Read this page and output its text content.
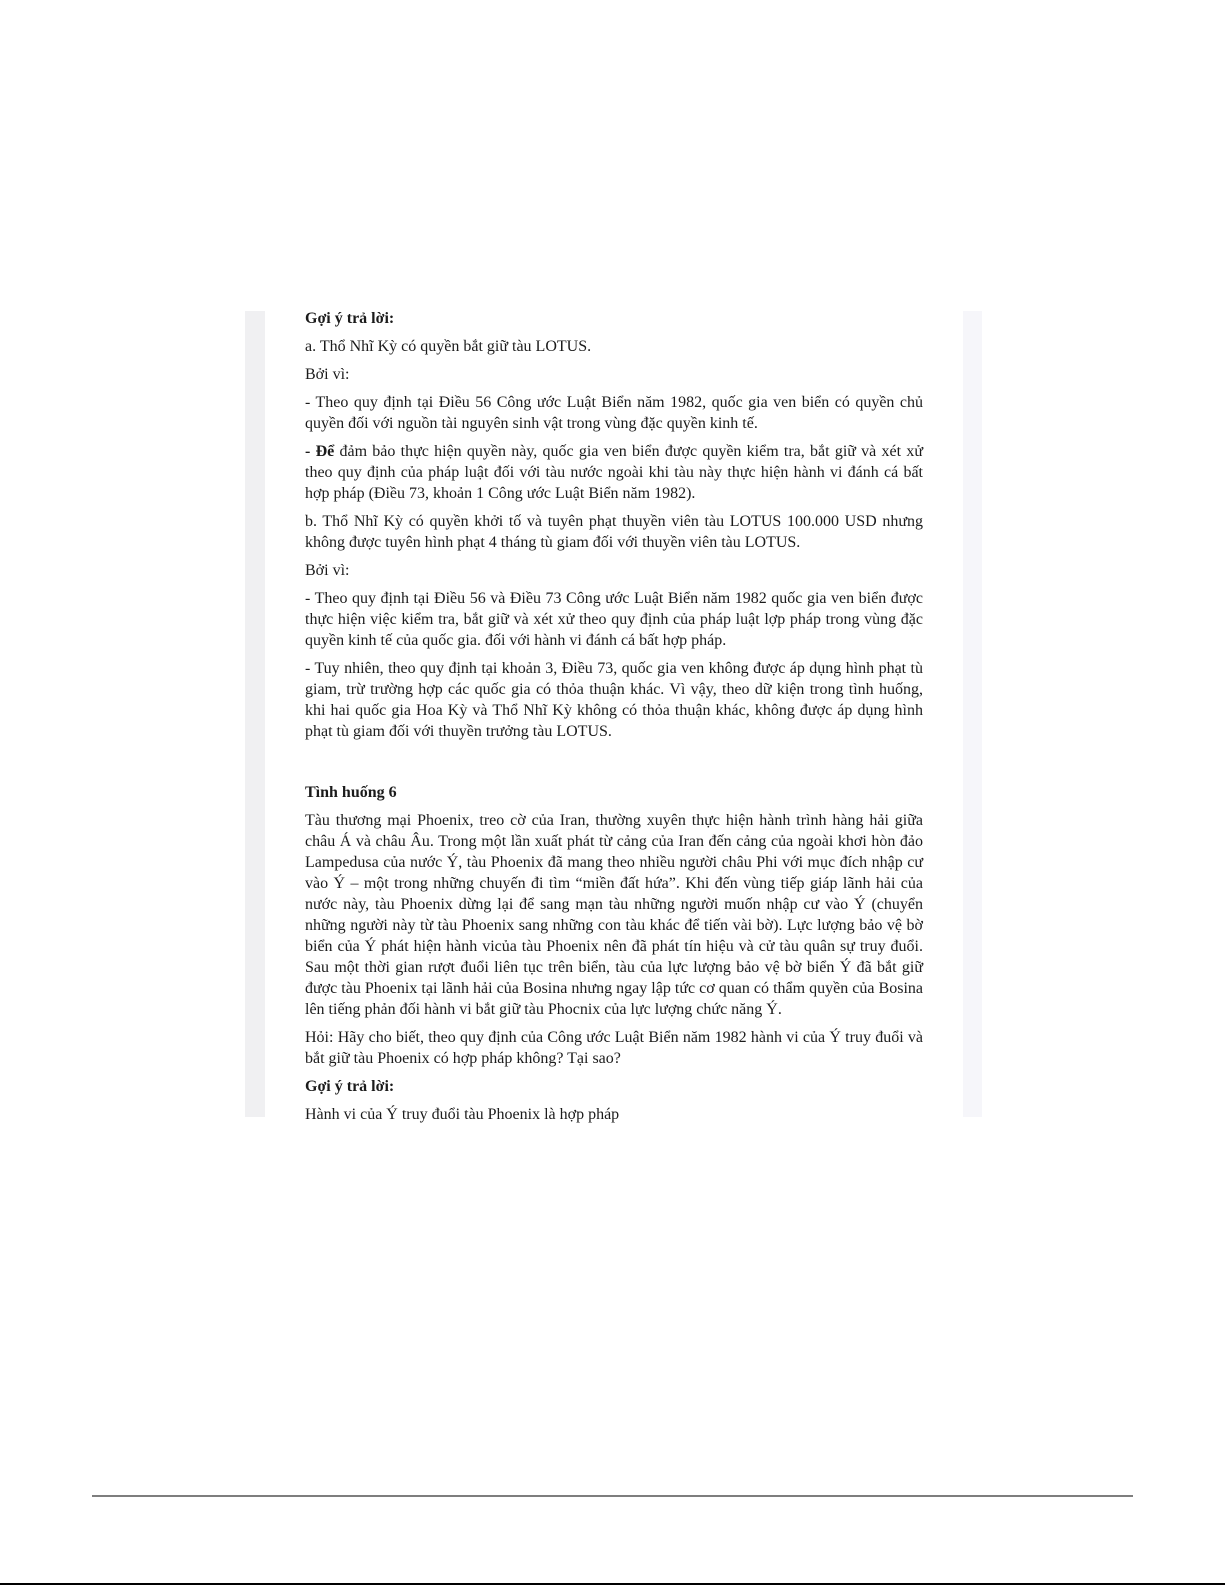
Gợi ý trả lời:

a. Thổ Nhĩ Kỳ có quyền bắt giữ tàu LOTUS.

Bởi vì:

- Theo quy định tại Điều 56 Công ước Luật Biển năm 1982, quốc gia ven biển có quyền chủ quyền đối với nguồn tài nguyên sinh vật trong vùng đặc quyền kinh tế.

- Để đảm bảo thực hiện quyền này, quốc gia ven biển được quyền kiểm tra, bắt giữ và xét xử theo quy định của pháp luật đối với tàu nước ngoài khi tàu này thực hiện hành vi đánh cá bất hợp pháp (Điều 73, khoản 1 Công ước Luật Biển năm 1982).

b. Thổ Nhĩ Kỳ có quyền khởi tố và tuyên phạt thuyền viên tàu LOTUS 100.000 USD nhưng không được tuyên hình phạt 4 tháng tù giam đối với thuyền viên tàu LOTUS.

Bởi vì:

- Theo quy định tại Điều 56 và Điều 73 Công ước Luật Biển năm 1982 quốc gia ven biển được thực hiện việc kiểm tra, bắt giữ và xét xử theo quy định của pháp luật lợp pháp trong vùng đặc quyền kinh tế của quốc gia. đối với hành vi đánh cá bất hợp pháp.

- Tuy nhiên, theo quy định tại khoản 3, Điều 73, quốc gia ven không được áp dụng hình phạt tù giam, trừ trường hợp các quốc gia có thỏa thuận khác. Vì vậy, theo dữ kiện trong tình huống, khi hai quốc gia Hoa Kỳ và Thổ Nhĩ Kỳ không có thỏa thuận khác, không được áp dụng hình phạt tù giam đối với thuyền trưởng tàu LOTUS.

Tình huống 6

Tàu thương mại Phoenix, treo cờ của Iran, thường xuyên thực hiện hành trình hàng hải giữa châu Á và châu Âu. Trong một lần xuất phát từ cảng của Iran đến cảng của ngoài khơi hòn đảo Lampedusa của nước Ý, tàu Phoenix đã mang theo nhiều người châu Phi với mục đích nhập cư vào Ý – một trong những chuyến đi tìm “miền đất hứa”. Khi đến vùng tiếp giáp lãnh hải của nước này, tàu Phoenix dừng lại để sang mạn tàu những người muốn nhập cư vào Ý (chuyển những người này từ tàu Phoenix sang những con tàu khác để tiến vài bờ). Lực lượng bảo vệ bờ biển của Ý phát hiện hành vicủa tàu Phoenix nên đã phát tín hiệu và cử tàu quân sự truy đuổi. Sau một thời gian rượt đuổi liên tục trên biển, tàu của lực lượng bảo vệ bờ biển Ý đã bắt giữ được tàu Phoenix tại lãnh hải của Bosina nhưng ngay lập tức cơ quan có thẩm quyền của Bosina lên tiếng phản đối hành vi bắt giữ tàu Phocnix của lực lượng chức năng Ý.

Hỏi: Hãy cho biết, theo quy định của Công ước Luật Biển năm 1982 hành vi của Ý truy đuổi và bắt giữ tàu Phoenix có hợp pháp không? Tại sao?

Gợi ý trả lời:

Hành vi của Ý truy đuổi tàu Phoenix là hợp pháp
